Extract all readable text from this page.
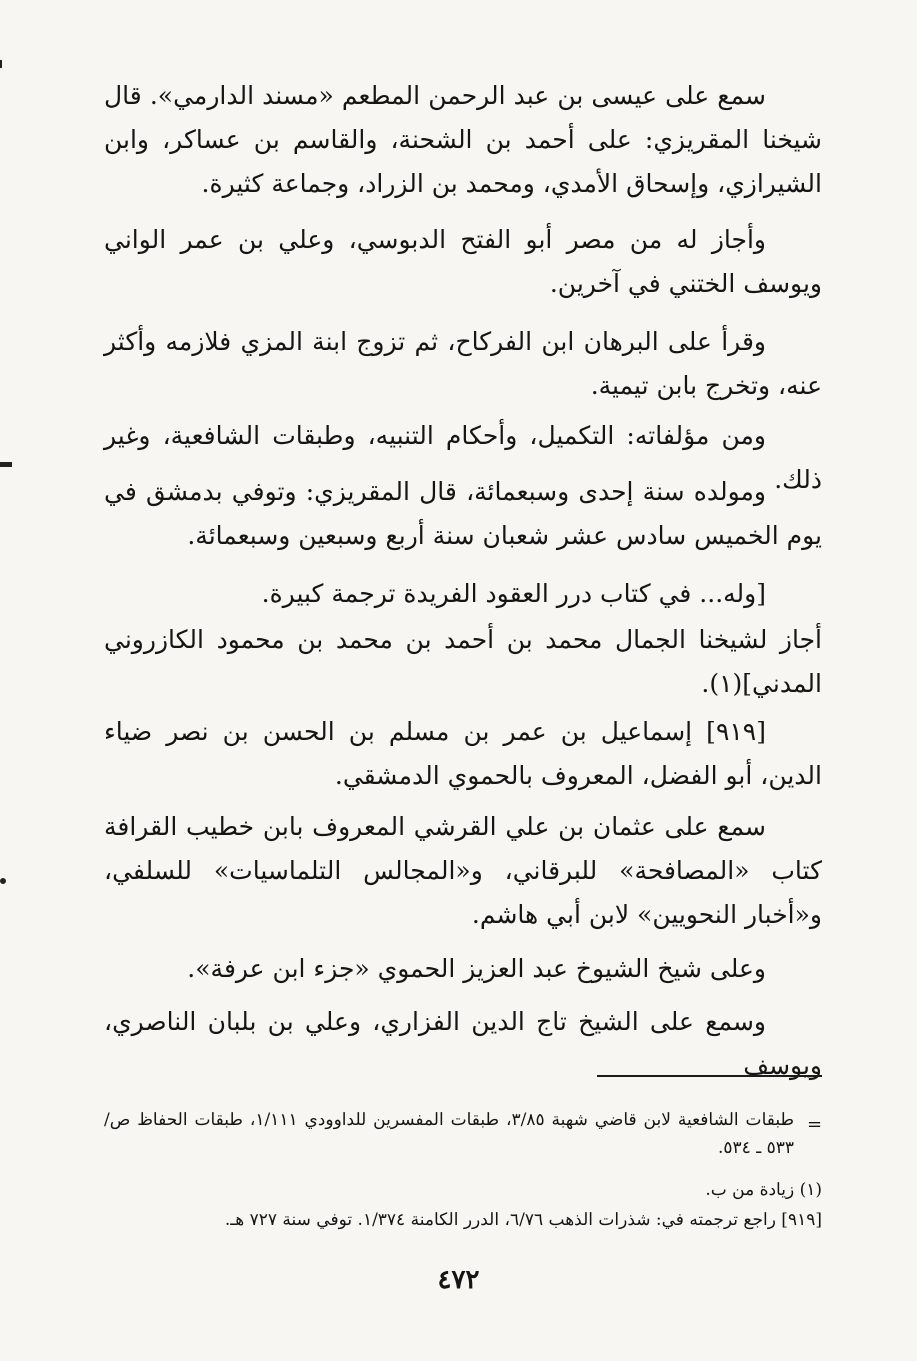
سمع على عيسى بن عبد الرحمن المطعم «مسند الدارمي». قال شيخنا المقريزي: على أحمد بن الشحنة، والقاسم بن عساكر، وابن الشيرازي، وإسحاق الأمدي، ومحمد بن الزراد، وجماعة كثيرة.

وأجاز له من مصر أبو الفتح الدبوسي، وعلي بن عمر الواني ويوسف الختني في آخرين.

وقرأ على البرهان ابن الفركاح، ثم تزوج ابنة المزي فلازمه وأكثر عنه، وتخرج بابن تيمية.

ومن مؤلفاته: التكميل، وأحكام التنبيه، وطبقات الشافعية، وغير ذلك.

ومولده سنة إحدى وسبعمائة، قال المقريزي: وتوفي بدمشق في يوم الخميس سادس عشر شعبان سنة أربع وسبعين وسبعمائة.

[وله... في كتاب درر العقود الفريدة ترجمة كبيرة.

أجاز لشيخنا الجمال محمد بن أحمد بن محمد بن محمود الكازروني المدني](١).

[٩١٩] إسماعيل بن عمر بن مسلم بن الحسن بن نصر ضياء الدين، أبو الفضل، المعروف بالحموي الدمشقي.

سمع على عثمان بن علي القرشي المعروف بابن خطيب القرافة كتاب «المصافحة» للبرقاني، و«المجالس التلماسيات» للسلفي، و«أخبار النحويين» لابن أبي هاشم.

وعلى شيخ الشيوخ عبد العزيز الحموي «جزء ابن عرفة».

وسمع على الشيخ تاج الدين الفزاري، وعلي بن بلبان الناصري، ويوسف

=

طبقات الشافعية لابن قاضي شهبة ٣/٨٥، طبقات المفسرين للداوودي ١/١١١، طبقات الحفاظ ص/٥٣٣ ـ ٥٣٤.

(١) زيادة من ب.

[٩١٩] راجع ترجمته في: شذرات الذهب ٦/٧٦، الدرر الكامنة ١/٣٧٤. توفي سنة ٧٢٧ هـ.

٤٧٢
